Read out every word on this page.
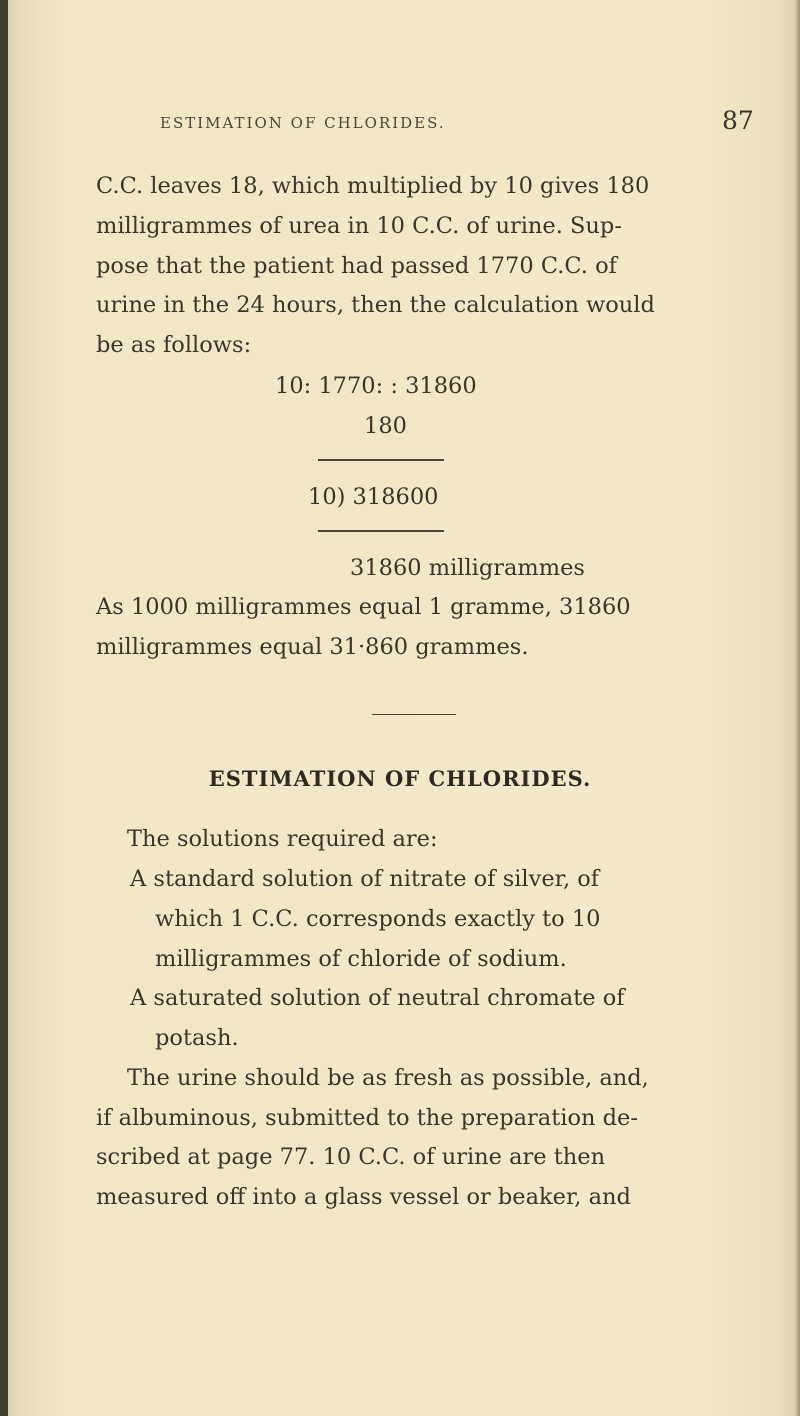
ESTIMATION OF CHLORIDES.	87
C.C. leaves 18, which multiplied by 10 gives 180
milligrammes of urea in 10 C.C. of urine. Sup-
pose that the patient had passed 1770 C.C. of
urine in the 24 hours, then the calculation would
be as follows:
10: 1770: : 31860
180
10) 318600
31860 milligrammes
As 1000 milligrammes equal 1 gramme, 31860
milligrammes equal 31·860 grammes.
ESTIMATION OF CHLORIDES.
The solutions required are:
A standard solution of nitrate of silver, of
which 1 C.C. corresponds exactly to 10
milligrammes of chloride of sodium.
A saturated solution of neutral chromate of
potash.
The urine should be as fresh as possible, and,
if albuminous, submitted to the preparation de-
scribed at page 77. 10 C.C. of urine are then
measured off into a glass vessel or beaker, and
